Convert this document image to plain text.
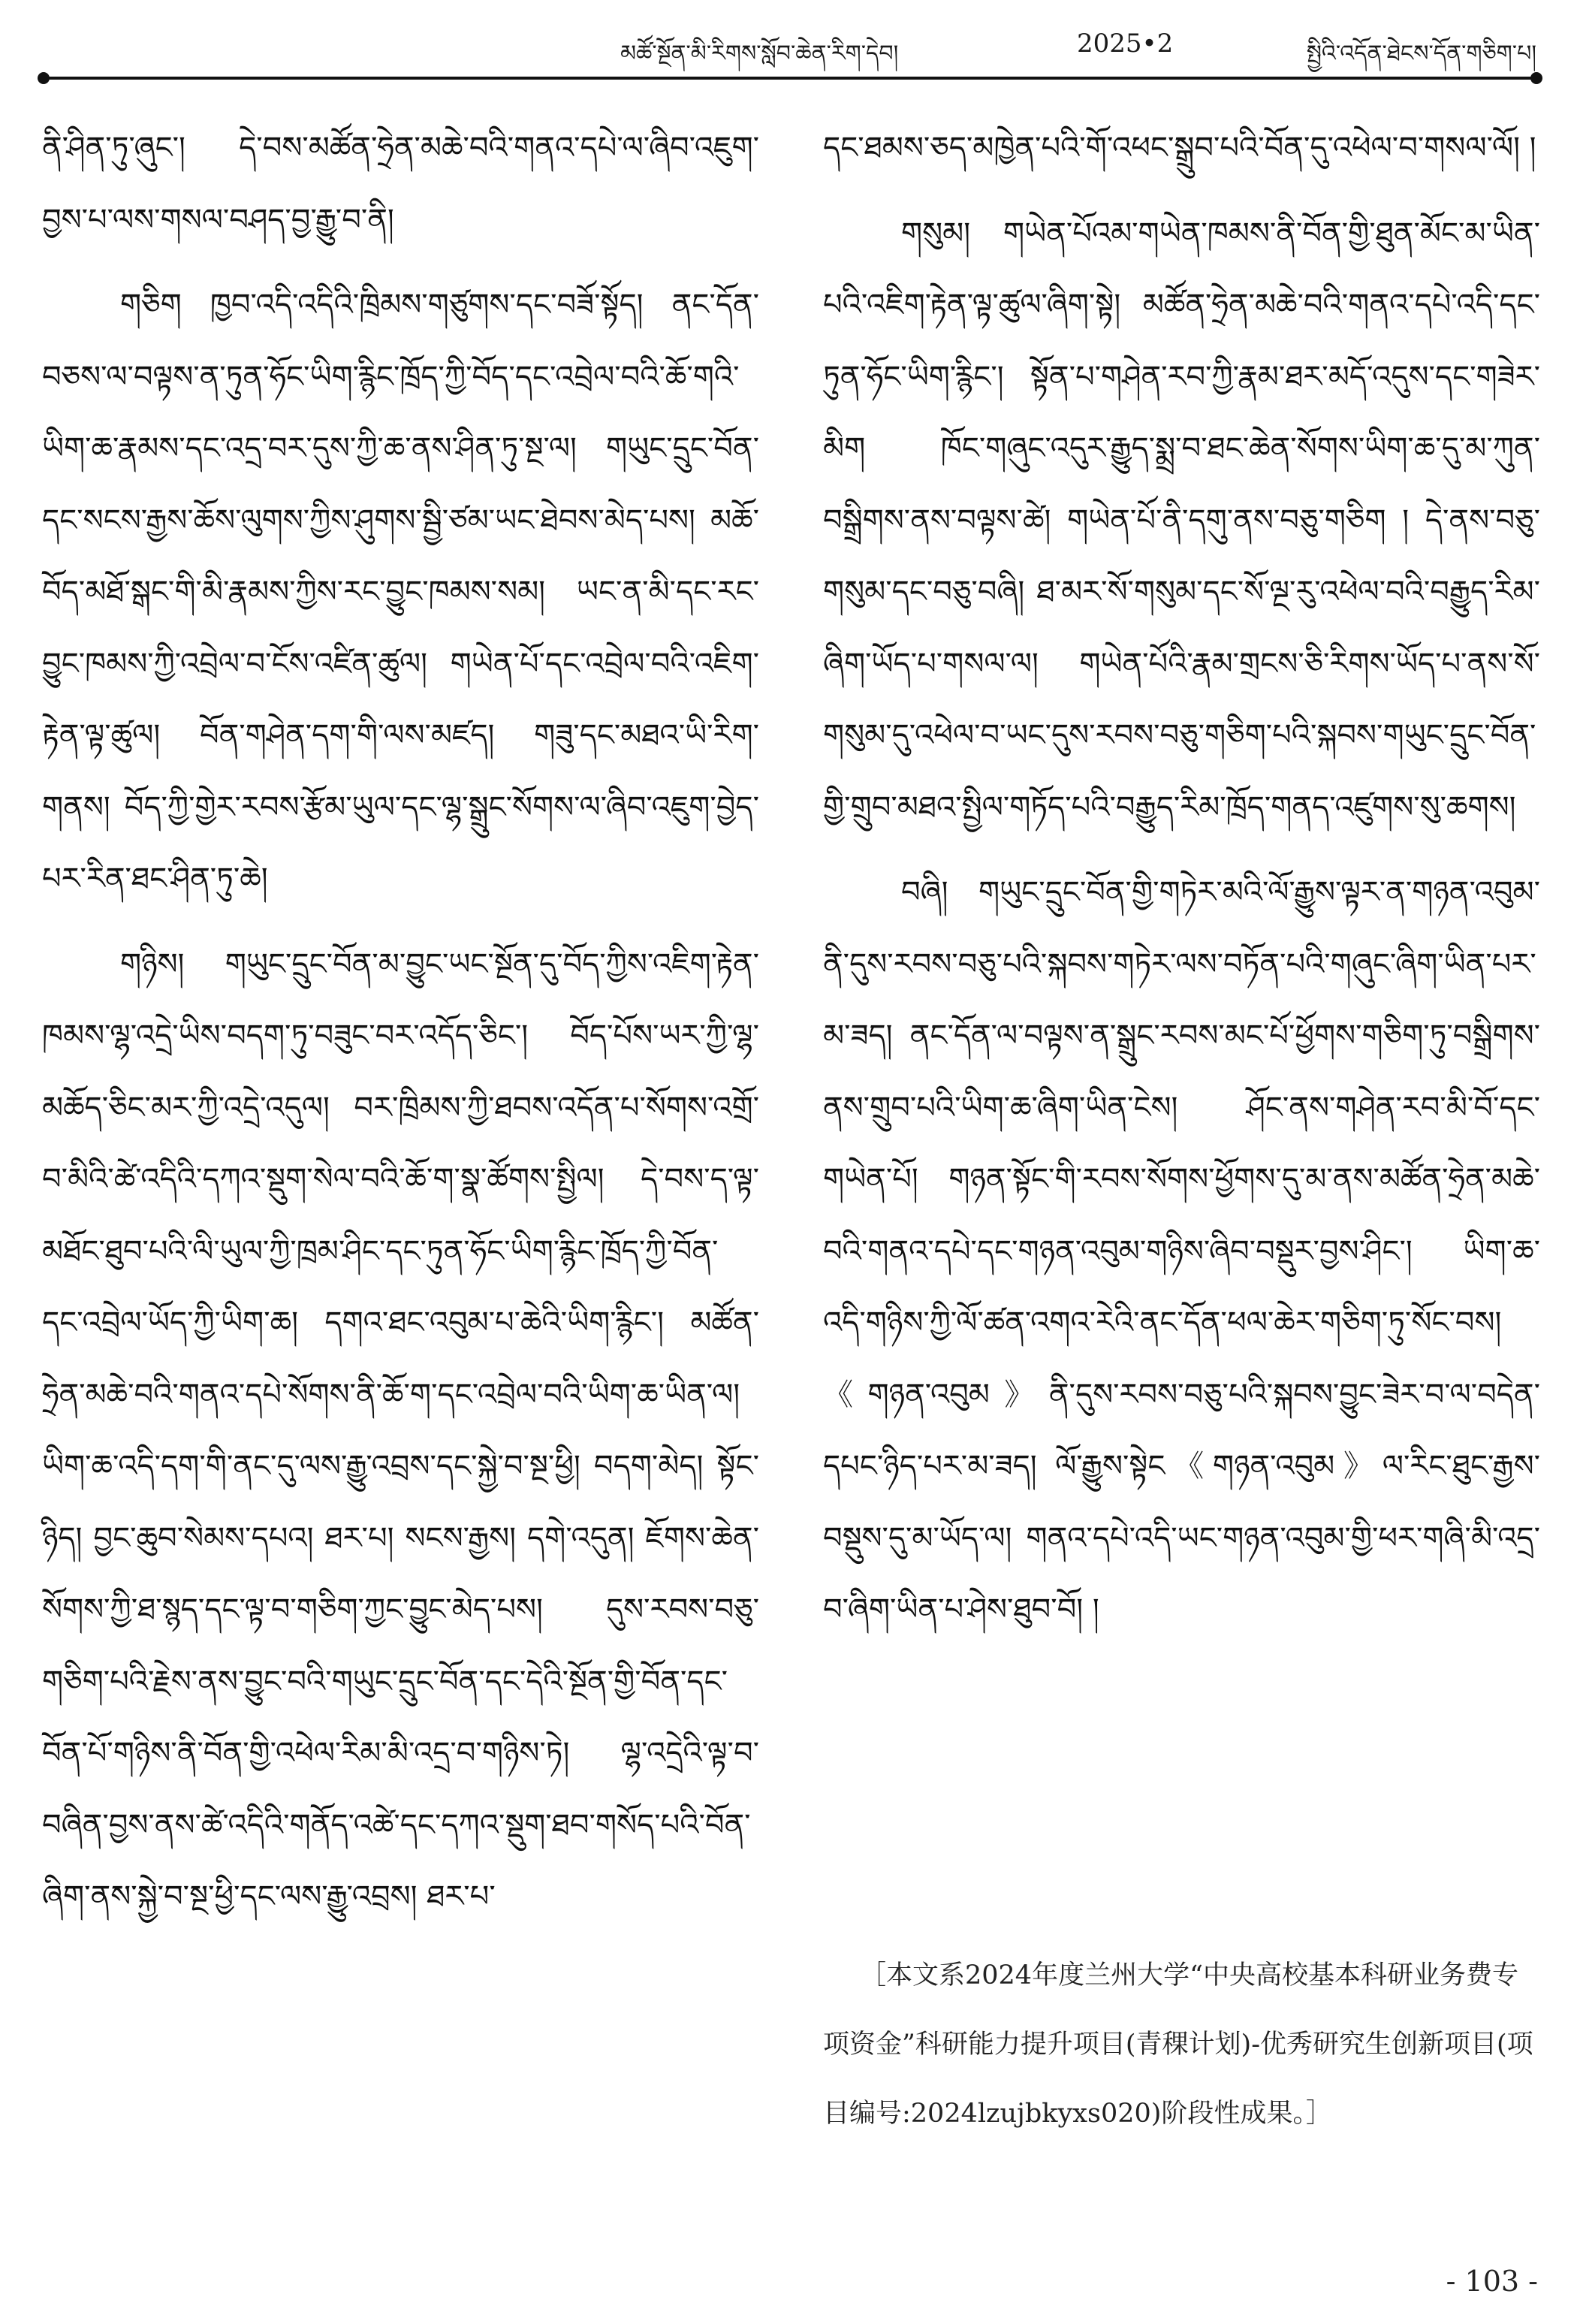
མཚོ་སྔོན་མི་རིགས་སློབ་ཆེན་རིག་དེབ།	2025•2	སྤྱིའི་འདོན་ཐེངས་དོན་གཅིག་པ།

ནི་ཤིན་ཏུ་ཞུང་། དེ་བས་མཚོན་ཧྲེན་མཆེ་བའི་གནའ་དཔེ་ལ་ཞིབ་འཇུག་བྱས་པ་ལས་གསལ་བཤད་བྱ་རྒྱུ་བ་ནི།

གཅིག ཁྱབ་འདི་འདིའི་ཁྲིམས་གཙུགས་དང་བཟོ་སྟོད། ནང་དོན་བཅས་ལ་བལྟས་ན་ཏུན་ཧོང་ཡིག་རྙིང་ཁྲོད་ཀྱི་བོད་དང་འབྲེལ་བའི་ཆོ་གའི་ཡིག་ཆ་རྣམས་དང་འདྲ་བར་དུས་ཀྱི་ཆ་ནས་ཤིན་ཏུ་སྔ་ལ། གཡུང་དྲུང་བོན་དང་སངས་རྒྱས་ཆོས་ལུགས་ཀྱིས་ཤུགས་སྦྱི་ཙམ་ཡང་ཐེབས་མེད་པས། མཆོ་བོད་མཐོ་སྒང་གི་མི་རྣམས་ཀྱིས་རང་བྱུང་ཁམས་སམ། ཡང་ན་མི་དང་རང་བྱུང་ཁམས་ཀྱི་འབྲེལ་བ་ངོས་འཛིན་ཚུལ། གཡེན་པོ་དང་འབྲེལ་བའི་འཇིག་རྟེན་ལྟ་ཚུལ། བོན་གཤེན་དག་གི་ལས་མཛད། གཟུ་དང་མཐའ་ཡི་རིག་གནས། བོད་ཀྱི་གྱེར་རབས་རྩོམ་ཡུལ་དང་ལྷ་སྒྲུང་སོགས་ལ་ཞིབ་འཇུག་བྱེད་པར་རིན་ཐང་ཤིན་ཏུ་ཆེ།

གཉིས། གཡུང་དྲུང་བོན་མ་བྱུང་ཡང་སྔོན་དུ་བོད་ཀྱིས་འཇིག་རྟེན་ཁམས་ལྷ་འདྲེ་ཡིས་བདག་ཏུ་བཟུང་བར་འདོད་ཅིང་། བོད་པོས་ཡར་ཀྱི་ལྷ་མཆོད་ཅིང་མར་ཀྱི་འདྲེ་འདུལ། བར་ཁྲིམས་ཀྱི་ཐབས་འདོན་པ་སོགས་འགྲོ་བ་མིའི་ཚེ་འདིའི་དཀའ་སྡུག་སེལ་བའི་ཆོ་ག་སྣ་ཚོགས་སྤྱིལ། དེ་བས་ད་ལྟ་མཐོང་ཐུབ་པའི་ལི་ཡུལ་ཀྱི་ཁྲམ་ཤིང་དང་ཏུན་ཧོང་ཡིག་རྙིང་ཁྲོད་ཀྱི་བོན་དང་འབྲེལ་ཡོད་ཀྱི་ཡིག་ཆ། དགའ་ཐང་འབུམ་པ་ཆེའི་ཡིག་རྙིང་། མཚོན་ཧྲེན་མཆེ་བའི་གནའ་དཔེ་སོགས་ནི་ཆོ་ག་དང་འབྲེལ་བའི་ཡིག་ཆ་ཡིན་ལ། ཡིག་ཆ་འདི་དག་གི་ནང་དུ་ལས་རྒྱུ་འབྲས་དང་སྐྱེ་བ་སྔ་ཕྱི། བདག་མེད། སྟོང་ཉིད། བྱང་ཆུབ་སེམས་དཔའ། ཐར་པ། སངས་རྒྱས། དགེ་འདུན། ཇོགས་ཆེན་སོགས་ཀྱི་ཐ་སྙད་དང་ལྟ་བ་གཅིག་ཀྱང་བྱུང་མེད་པས། དུས་རབས་བཅུ་གཅིག་པའི་རྗེས་ནས་བྱུང་བའི་གཡུང་དྲུང་བོན་དང་དེའི་སྔོན་གྱི་བོན་དང་བོན་པོ་གཉིས་ནི་བོན་གྱི་འཕེལ་རིམ་མི་འདྲ་བ་གཉིས་ཏེ། ལྷ་འདྲེའི་ལྟ་བ་བཞིན་བྱས་ནས་ཚེ་འདིའི་གནོད་འཚེ་དང་དཀའ་སྡུག་ཐབ་གསོད་པའི་བོན་ཞིག་ནས་སྐྱེ་བ་སྔ་ཕྱི་དང་ལས་རྒྱུ་འབྲས། ཐར་པ་

དང་ཐམས་ཅད་མཁྱེན་པའི་གོ་འཕང་སྒྲུབ་པའི་བོན་དུ་འཕེལ་བ་གསལ་ལོ། །

གསུམ། གཡེན་པོའམ་གཡེན་ཁམས་ནི་བོན་གྱི་ཐུན་མོང་མ་ཡིན་པའི་འཇིག་རྟེན་ལྟ་ཚུལ་ཞིག་སྟེ། མཚོན་ཧྲེན་མཆེ་བའི་གནའ་དཔེ་འདི་དང་ཏུན་ཧོང་ཡིག་རྙིང་། སྟོན་པ་གཤེན་རབ་ཀྱི་རྣམ་ཐར་མདོ་འདུས་དང་གཟེར་མིག ཁོང་གཞུང་འདུར་རྒྱུད་སྨྲ་བ་ཐང་ཆེན་སོགས་ཡིག་ཆ་དུ་མ་ཀུན་བསྒྲིགས་ནས་བལྟས་ཚེ། གཡེན་པོ་ནི་དགུ་ནས་བཅུ་གཅིག ། དེ་ནས་བཅུ་གསུམ་དང་བཅུ་བཞི། ཐ་མར་སོ་གསུམ་དང་སོ་ལྔ་རུ་འཕེལ་བའི་བརྒྱུད་རིམ་ཞིག་ཡོད་པ་གསལ་ལ། གཡེན་པོའི་རྣམ་གྲངས་ཅི་རིགས་ཡོད་པ་ནས་སོ་གསུམ་དུ་འཕེལ་བ་ཡང་དུས་རབས་བཅུ་གཅིག་པའི་སྐབས་གཡུང་དྲུང་བོན་གྱི་གྲུབ་མཐའ་སྤྱིལ་གཏོད་པའི་བརྒྱུད་རིམ་ཁྲོད་གནད་འཛུགས་སུ་ཆགས།

བཞི། གཡུང་དྲུང་བོན་གྱི་གཏེར་མའི་ལོ་རྒྱུས་ལྟར་ན་གཉན་འབུམ་ནི་དུས་རབས་བཅུ་པའི་སྐབས་གཏེར་ལས་བཏོན་པའི་གཞུང་ཞིག་ཡིན་པར་མ་ཟད། ནང་དོན་ལ་བལྟས་ན་སྒྲུང་རབས་མང་པོ་ཕྱོགས་གཅིག་ཏུ་བསྒྲིགས་ནས་གྲུབ་པའི་ཡིག་ཆ་ཞིག་ཡིན་ངེས། ཤོང་ནས་གཤེན་རབ་མི་བོ་དང་གཡེན་པོ། གཉན་སྟོང་གི་རབས་སོགས་ཕྱོགས་དུ་མ་ནས་མཚོན་ཧྲེན་མཆེ་བའི་གནའ་དཔེ་དང་གཉན་འབུམ་གཉིས་ཞིབ་བསྡུར་བྱས་ཤིང་། ཡིག་ཆ་འདི་གཉིས་ཀྱི་ལོ་ཚན་འགའ་རེའི་ནང་དོན་ཕལ་ཆེར་གཅིག་ཏུ་སོང་བས། 《གཉན་འབུམ》ནི་དུས་རབས་བཅུ་པའི་སྐབས་བྱུང་ཟེར་བ་ལ་བདེན་དཔང་ཉིད་པར་མ་ཟད། ལོ་རྒྱུས་སྟེང《གཉན་འབུམ》ལ་རིང་ཐུང་རྒྱས་བསྡུས་དུ་མ་ཡོད་ལ། གནའ་དཔེ་འདི་ཡང་གཉན་འབུམ་གྱི་ཕར་གཞི་མི་འདྲ་བ་ཞིག་ཡིན་པ་ཤེས་ཐུབ་བོ། །

［本文系2024年度兰州大学“中央高校基本科研业务费专项资金”科研能力提升项目(青稞计划)-优秀研究生创新项目(项目编号:2024lzujbkyxs020)阶段性成果。］
- 103 -
